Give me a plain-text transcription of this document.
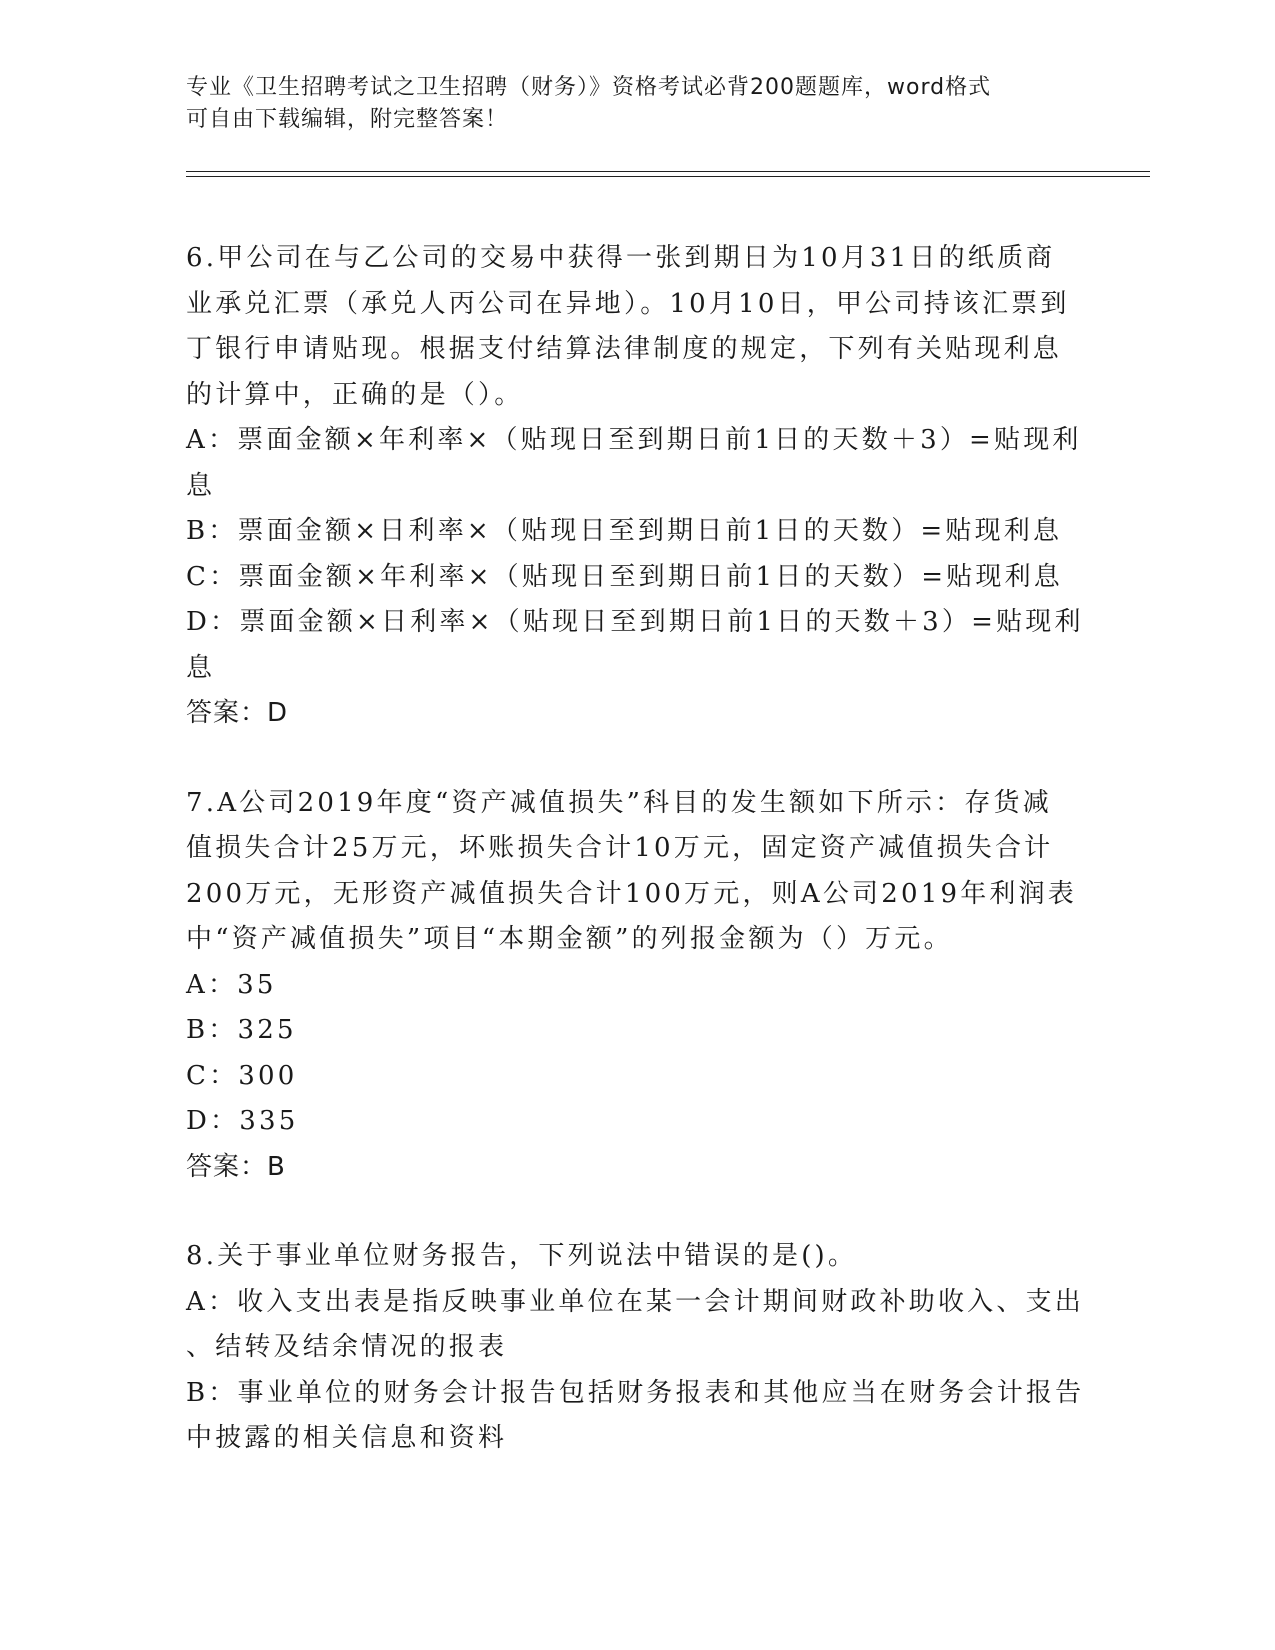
专业《卫生招聘考试之卫生招聘（财务）》资格考试必背200题题库，word格式
可自由下载编辑，附完整答案！
6.甲公司在与乙公司的交易中获得一张到期日为10月31日的纸质商
业承兑汇票（承兑人丙公司在异地）。10月10日，甲公司持该汇票到
丁银行申请贴现。根据支付结算法律制度的规定，下列有关贴现利息
的计算中，正确的是（）。
A：票面金额×年利率×（贴现日至到期日前1日的天数＋3）=贴现利
息
B：票面金额×日利率×（贴现日至到期日前1日的天数）=贴现利息
C：票面金额×年利率×（贴现日至到期日前1日的天数）=贴现利息
D：票面金额×日利率×（贴现日至到期日前1日的天数＋3）=贴现利
息
答案：D
7.A公司2019年度“资产减值损失”科目的发生额如下所示：存货减
值损失合计25万元，坏账损失合计10万元，固定资产减值损失合计
200万元，无形资产减值损失合计100万元，则A公司2019年利润表
中“资产减值损失”项目“本期金额”的列报金额为（）万元。
A：35
B：325
C：300
D：335
答案：B
8.关于事业单位财务报告，下列说法中错误的是()。
A：收入支出表是指反映事业单位在某一会计期间财政补助收入、支出
、结转及结余情况的报表
B：事业单位的财务会计报告包括财务报表和其他应当在财务会计报告
中披露的相关信息和资料
